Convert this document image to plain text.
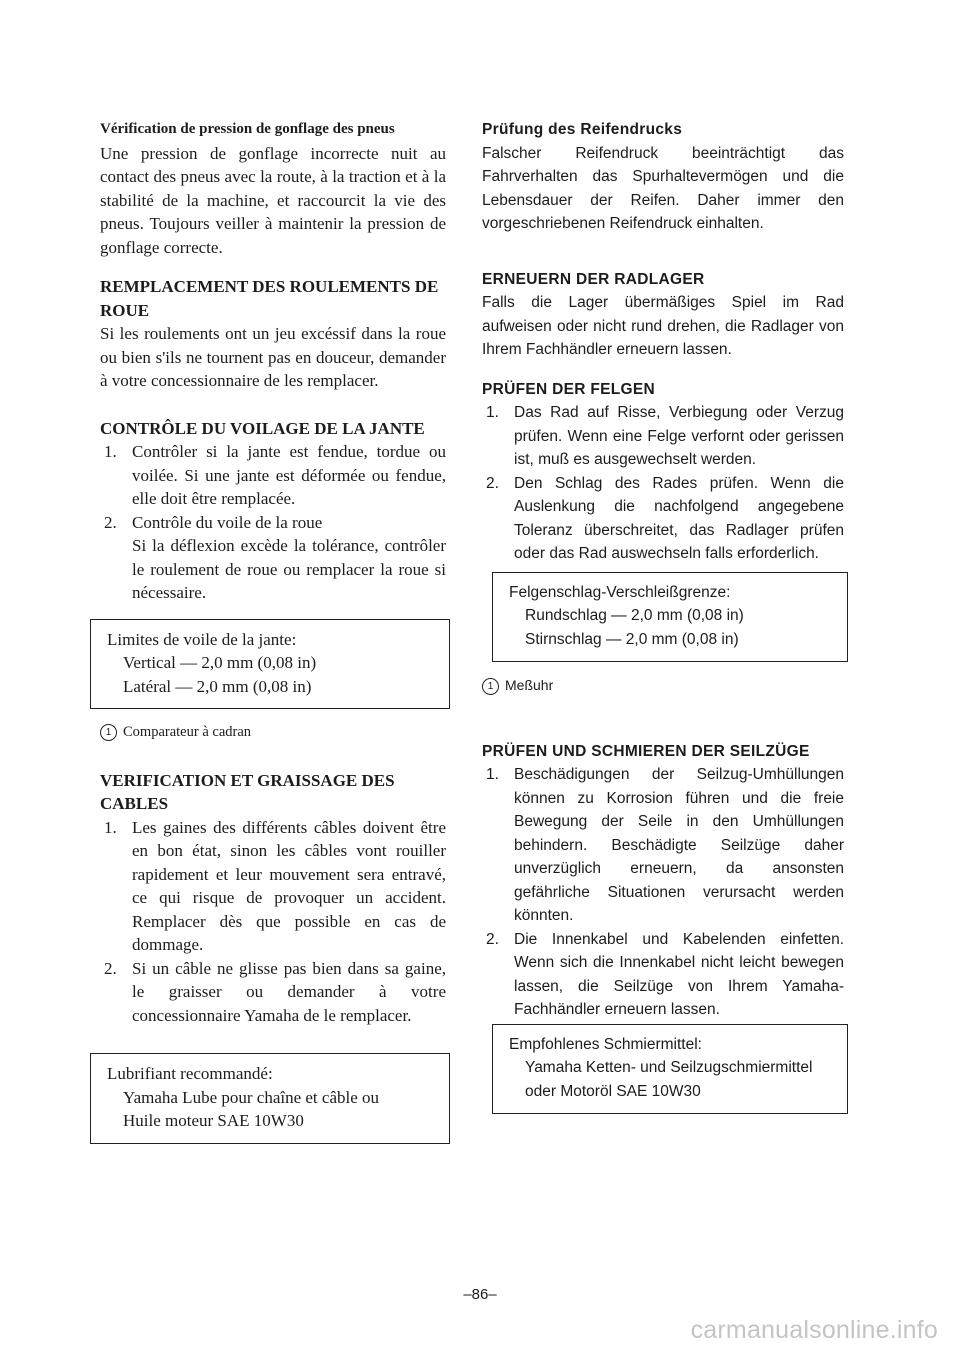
Vérification de pression de gonflage des pneus

Une pression de gonflage incorrecte nuit au contact des pneus avec la route, à la traction et à la stabilité de la machine, et raccourcit la vie des pneus. Toujours veiller à maintenir la pression de gonflage correcte.

REMPLACEMENT DES ROULEMENTS DE ROUE

Si les roulements ont un jeu excéssif dans la roue ou bien s'ils ne tournent pas en douceur, demander à votre concessionnaire de les remplacer.

CONTRÔLE DU VOILAGE DE LA JANTE

1. Contrôler si la jante est fendue, tordue ou voilée. Si une jante est déformée ou fendue, elle doit être remplacée.
2. Contrôle du voile de la roue
Si la déflexion excède la tolérance, contrôler le roulement de roue ou remplacer la roue si nécessaire.

Limites de voile de la jante:

Vertical — 2,0 mm (0,08 in)

Latéral — 2,0 mm (0,08 in)

1 Comparateur à cadran

VERIFICATION ET GRAISSAGE DES CABLES

1. Les gaines des différents câbles doivent être en bon état, sinon les câbles vont rouiller rapidement et leur mouvement sera entravé, ce qui risque de provoquer un accident. Remplacer dès que possible en cas de dommage.
2. Si un câble ne glisse pas bien dans sa gaine, le graisser ou demander à votre concessionnaire Yamaha de le remplacer.

Lubrifiant recommandé:

Yamaha Lube pour chaîne et câble ou

Huile moteur SAE 10W30

Prüfung des Reifendrucks

Falscher Reifendruck beeinträchtigt das Fahrverhalten das Spurhaltevermögen und die Lebensdauer der Reifen. Daher immer den vorgeschriebenen Reifendruck einhalten.

ERNEUERN DER RADLAGER

Falls die Lager übermäßiges Spiel im Rad aufweisen oder nicht rund drehen, die Radlager von Ihrem Fachhändler erneuern lassen.

PRÜFEN DER FELGEN

1. Das Rad auf Risse, Verbiegung oder Verzug prüfen. Wenn eine Felge verfornt oder gerissen ist, muß es ausgewechselt werden.
2. Den Schlag des Rades prüfen. Wenn die Auslenkung die nachfolgend angegebene Toleranz überschreitet, das Radlager prüfen oder das Rad auswechseln falls erforderlich.

Felgenschlag-Verschleißgrenze:

Rundschlag — 2,0 mm (0,08 in)

Stirnschlag — 2,0 mm (0,08 in)

1 Meßuhr

PRÜFEN UND SCHMIEREN DER SEILZÜGE

1. Beschädigungen der Seilzug-Umhüllungen können zu Korrosion führen und die freie Bewegung der Seile in den Umhüllungen behindern. Beschädigte Seilzüge daher unverzüglich erneuern, da ansonsten gefährliche Situationen verursacht werden könnten.
2. Die Innenkabel und Kabelenden einfetten. Wenn sich die Innenkabel nicht leicht bewegen lassen, die Seilzüge von Ihrem Yamaha-Fachhändler erneuern lassen.

Empfohlenes Schmiermittel:

Yamaha Ketten- und Seilzugschmiermittel oder Motoröl SAE 10W30

–86–
carmanualsonline.info
